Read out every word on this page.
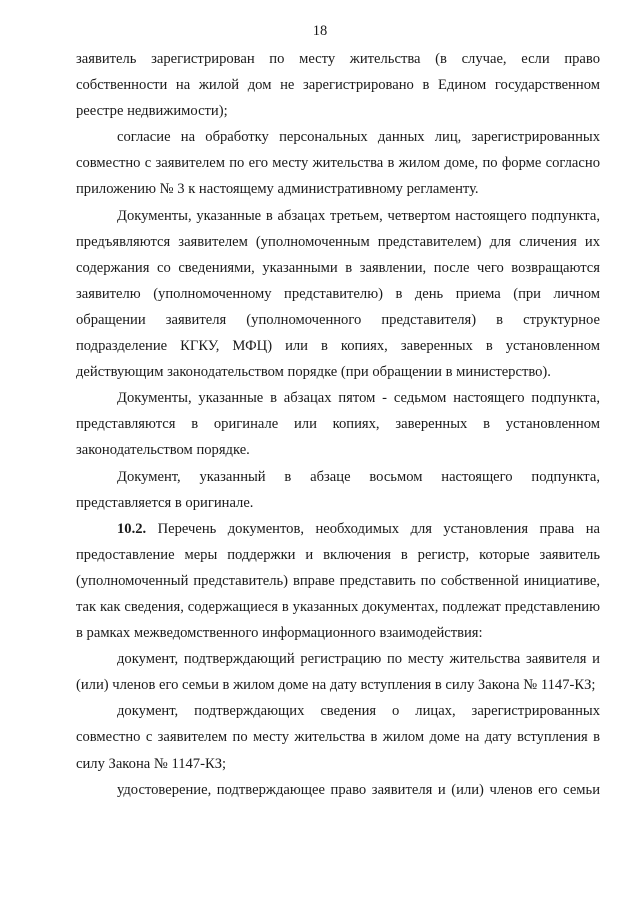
18

заявитель зарегистрирован по месту жительства (в случае, если право собственности на жилой дом не зарегистрировано в Едином государственном реестре недвижимости);

согласие на обработку персональных данных лиц, зарегистрированных совместно с заявителем по его месту жительства в жилом доме, по форме согласно приложению № 3 к настоящему административному регламенту.

Документы, указанные в абзацах третьем, четвертом настоящего подпункта, предъявляются заявителем (уполномоченным представителем) для сличения их содержания со сведениями, указанными в заявлении, после чего возвращаются заявителю (уполномоченному представителю) в день приема (при личном обращении заявителя (уполномоченного представителя) в структурное подразделение КГКУ, МФЦ) или в копиях, заверенных в установленном действующим законодательством порядке (при обращении в министерство).

Документы, указанные в абзацах пятом - седьмом настоящего подпункта, представляются в оригинале или копиях, заверенных в установленном законодательством порядке.

Документ, указанный в абзаце восьмом настоящего подпункта, представляется в оригинале.

10.2. Перечень документов, необходимых для установления права на предоставление меры поддержки и включения в регистр, которые заявитель (уполномоченный представитель) вправе представить по собственной инициативе, так как сведения, содержащиеся в указанных документах, подлежат представлению в рамках межведомственного информационного взаимодействия:

документ, подтверждающий регистрацию по месту жительства заявителя и (или) членов его семьи в жилом доме на дату вступления в силу Закона № 1147-КЗ;

документ, подтверждающих сведения о лицах, зарегистрированных совместно с заявителем по месту жительства в жилом доме на дату вступления в силу Закона № 1147-КЗ;

удостоверение, подтверждающее право заявителя и (или) членов его семьи
